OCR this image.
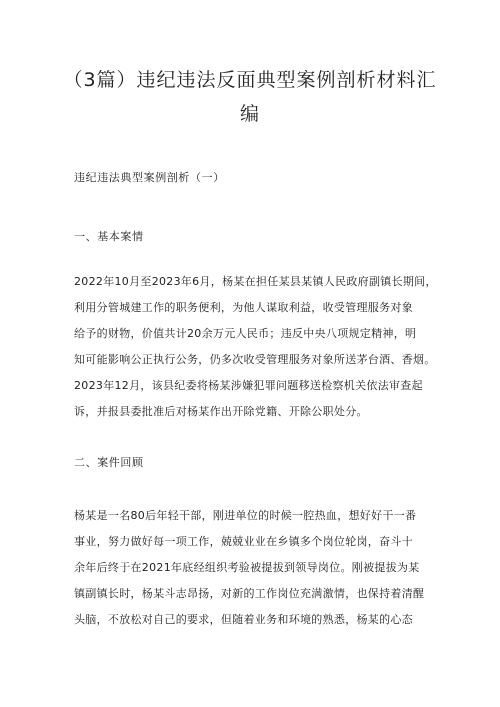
（3篇）违纪违法反面典型案例剖析材料汇
编
违纪违法典型案例剖析（一）
一、基本案情
2022年10月至2023年6月，杨某在担任某县某镇人民政府副镇长期间，
利用分管城建工作的职务便利，为他人谋取利益，收受管理服务对象
给予的财物，价值共计20余万元人民币；违反中央八项规定精神，明
知可能影响公正执行公务，仍多次收受管理服务对象所送茅台酒、香烟。
2023年12月，该县纪委将杨某涉嫌犯罪问题移送检察机关依法审查起
诉，并报县委批准后对杨某作出开除党籍、开除公职处分。
二、案件回顾
杨某是一名80后年轻干部，刚进单位的时候一腔热血，想好好干一番
事业，努力做好每一项工作，兢兢业业在乡镇多个岗位轮岗，奋斗十
余年后终于在2021年底经组织考验被提拔到领导岗位。刚被提拔为某
镇副镇长时，杨某斗志昂扬，对新的工作岗位充满激情，也保持着清醒
头脑，不放松对自己的要求，但随着业务和环境的熟悉，杨某的心态
